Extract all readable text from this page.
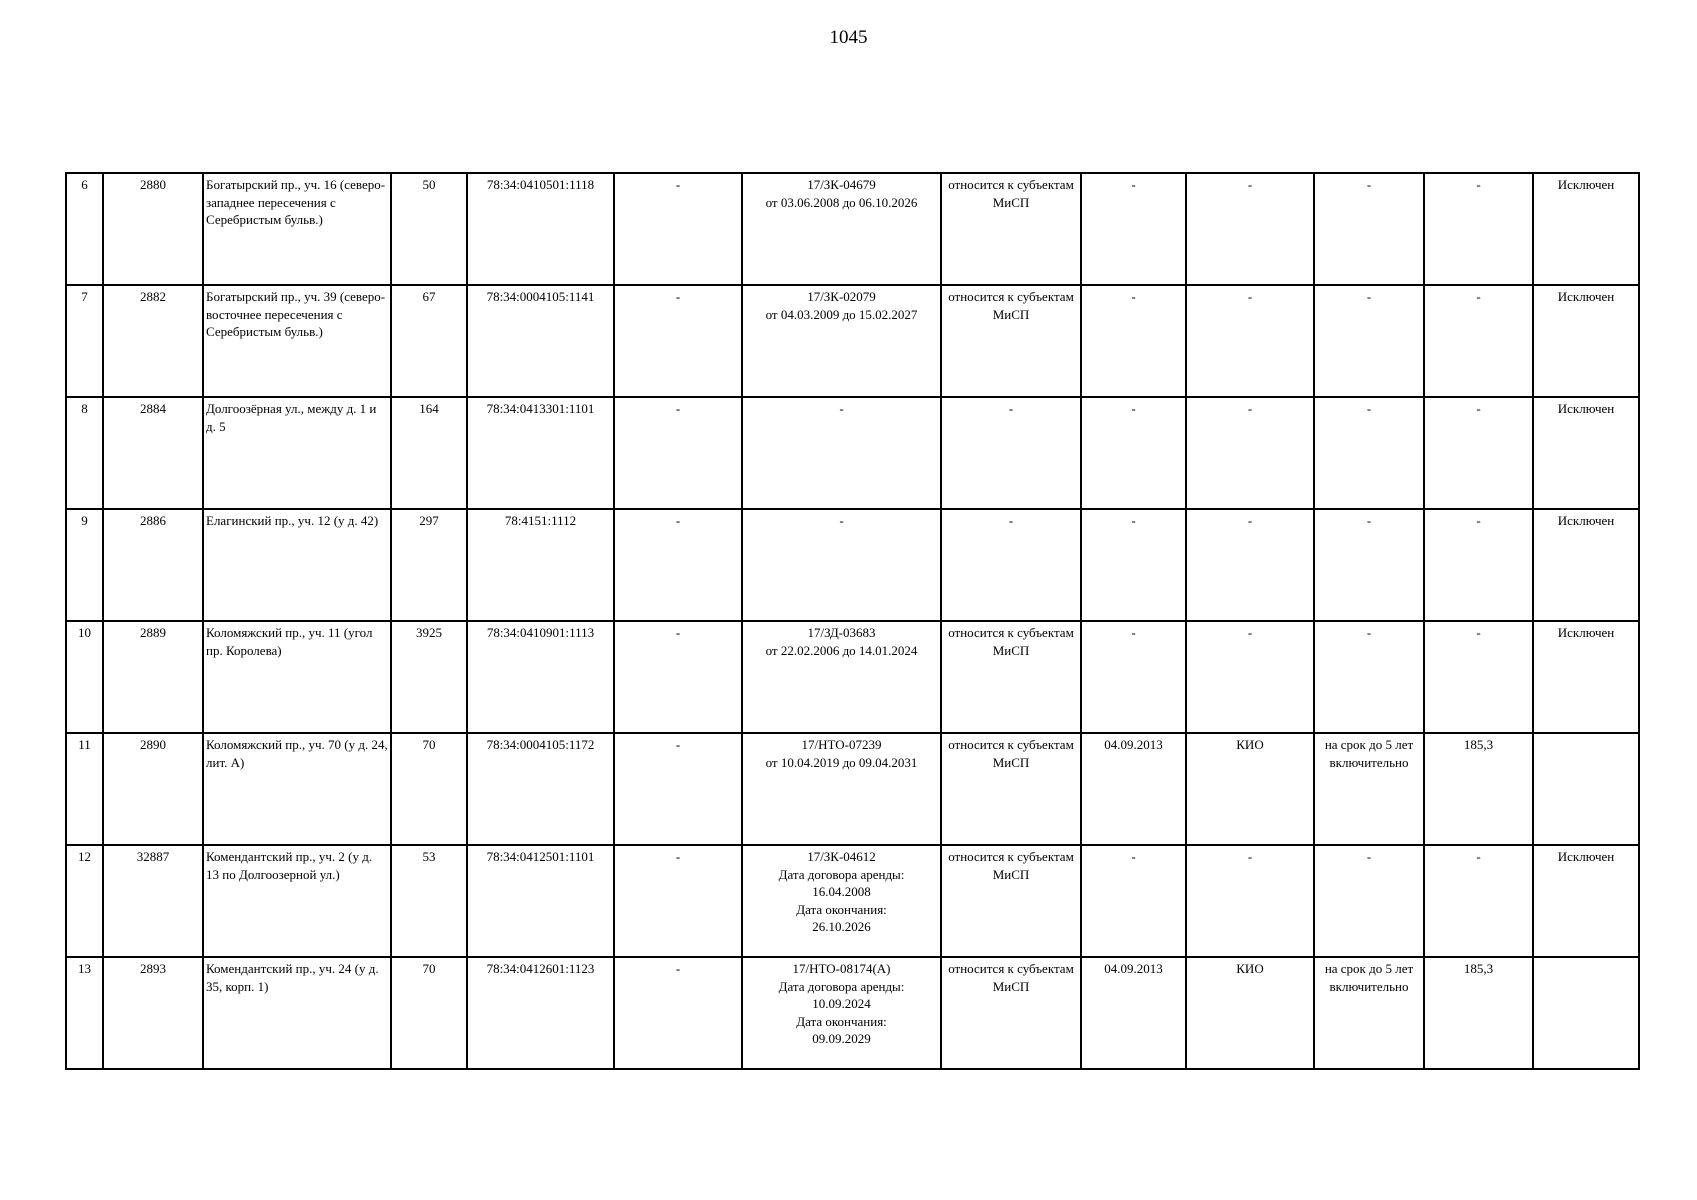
1045
6	2880	Богатырский пр., уч. 16 (северо-западнее пересечения с Серебристым бульв.)	50	78:34:0410501:1118	-	17/ЗК-04679
от 03.06.2008 до 06.10.2026	относится к субъектам МиСП	-	-	-	-	Исключен
7	2882	Богатырский пр., уч. 39 (северо-восточнее пересечения с Серебристым бульв.)	67	78:34:0004105:1141	-	17/ЗК-02079
от 04.03.2009 до 15.02.2027	относится к субъектам МиСП	-	-	-	-	Исключен
8	2884	Долгоозёрная ул., между д. 1 и д. 5	164	78:34:0413301:1101	-	-	-	-	-	-	-	Исключен
9	2886	Елагинский пр., уч. 12 (у д. 42)	297	78:4151:1112	-	-	-	-	-	-	-	Исключен
10	2889	Коломяжский пр., уч. 11 (угол пр. Королева)	3925	78:34:0410901:1113	-	17/ЗД-03683
от 22.02.2006 до 14.01.2024	относится к субъектам МиСП	-	-	-	-	Исключен
11	2890	Коломяжский пр., уч. 70 (у д. 24, лит. А)	70	78:34:0004105:1172	-	17/НТО-07239
от 10.04.2019 до 09.04.2031	относится к субъектам МиСП	04.09.2013	КИО	на срок до 5 лет включительно	185,3	
12	32887	Комендантский пр., уч. 2 (у д. 13 по Долгоозерной ул.)	53	78:34:0412501:1101	-	17/ЗК-04612
Дата договора аренды:
16.04.2008
Дата окончания:
26.10.2026	относится к субъектам МиСП	-	-	-	-	Исключен
13	2893	Комендантский пр., уч. 24 (у д. 35, корп. 1)	70	78:34:0412601:1123	-	17/НТО-08174(А)
Дата договора аренды:
10.09.2024
Дата окончания:
09.09.2029	относится к субъектам МиСП	04.09.2013	КИО	на срок до 5 лет включительно	185,3	
